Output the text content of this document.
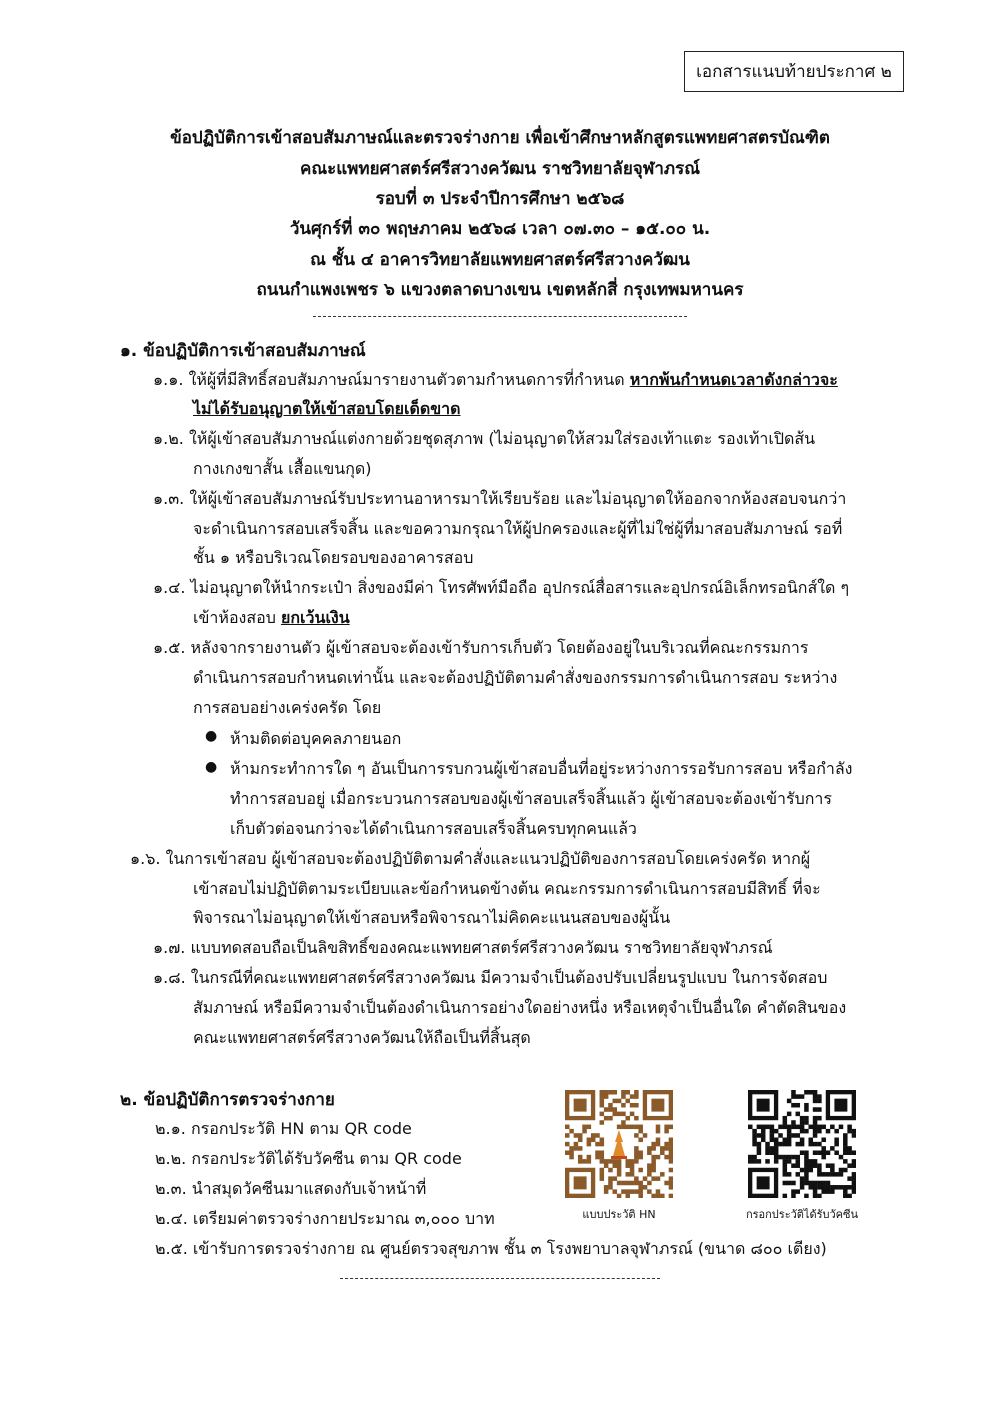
เอกสารแนบท้ายประกาศ ๒
ข้อปฏิบัติการเข้าสอบสัมภาษณ์และตรวจร่างกาย เพื่อเข้าศึกษาหลักสูตรแพทยศาสตรบัณฑิต
คณะแพทยศาสตร์ศรีสวางควัฒน ราชวิทยาลัยจุฬาภรณ์
รอบที่ ๓ ประจำปีการศึกษา ๒๕๖๘
วันศุกร์ที่ ๓๐ พฤษภาคม ๒๕๖๘ เวลา ๐๗.๓๐ – ๑๕.๐๐ น.
ณ ชั้น ๔ อาคารวิทยาลัยแพทยศาสตร์ศรีสวางควัฒน
ถนนกำแพงเพชร ๖ แขวงตลาดบางเขน เขตหลักสี่ กรุงเทพมหานคร
๑. ข้อปฏิบัติการเข้าสอบสัมภาษณ์
๑.๑. ให้ผู้ที่มีสิทธิ์สอบสัมภาษณ์มารายงานตัวตามกำหนดการที่กำหนด หากพ้นกำหนดเวลาดังกล่าวจะ
ไม่ได้รับอนุญาตให้เข้าสอบโดยเด็ดขาด
๑.๒. ให้ผู้เข้าสอบสัมภาษณ์แต่งกายด้วยชุดสุภาพ (ไม่อนุญาตให้สวมใส่รองเท้าแตะ รองเท้าเปิดส้น
กางเกงขาสั้น เสื้อแขนกุด)
๑.๓. ให้ผู้เข้าสอบสัมภาษณ์รับประทานอาหารมาให้เรียบร้อย และไม่อนุญาตให้ออกจากห้องสอบจนกว่า
จะดำเนินการสอบเสร็จสิ้น และขอความกรุณาให้ผู้ปกครองและผู้ที่ไม่ใช่ผู้ที่มาสอบสัมภาษณ์ รอที่
ชั้น ๑ หรือบริเวณโดยรอบของอาคารสอบ
๑.๔. ไม่อนุญาตให้นำกระเป๋า สิ่งของมีค่า โทรศัพท์มือถือ อุปกรณ์สื่อสารและอุปกรณ์อิเล็กทรอนิกส์ใด ๆ
เข้าห้องสอบ ยกเว้นเงิน
๑.๕. หลังจากรายงานตัว ผู้เข้าสอบจะต้องเข้ารับการเก็บตัว โดยต้องอยู่ในบริเวณที่คณะกรรมการ
ดำเนินการสอบกำหนดเท่านั้น และจะต้องปฏิบัติตามคำสั่งของกรรมการดำเนินการสอบ ระหว่าง
การสอบอย่างเคร่งครัด โดย
● ห้ามติดต่อบุคคลภายนอก
● ห้ามกระทำการใด ๆ อันเป็นการรบกวนผู้เข้าสอบอื่นที่อยู่ระหว่างการรอรับการสอบ หรือกำลัง
ทำการสอบอยู่ เมื่อกระบวนการสอบของผู้เข้าสอบเสร็จสิ้นแล้ว ผู้เข้าสอบจะต้องเข้ารับการ
เก็บตัวต่อจนกว่าจะได้ดำเนินการสอบเสร็จสิ้นครบทุกคนแล้ว
๑.๖. ในการเข้าสอบ ผู้เข้าสอบจะต้องปฏิบัติตามคำสั่งและแนวปฏิบัติของการสอบโดยเคร่งครัด หากผู้
เข้าสอบไม่ปฏิบัติตามระเบียบและข้อกำหนดข้างต้น คณะกรรมการดำเนินการสอบมีสิทธิ์ ที่จะ
พิจารณาไม่อนุญาตให้เข้าสอบหรือพิจารณาไม่คิดคะแนนสอบของผู้นั้น
๑.๗. แบบทดสอบถือเป็นลิขสิทธิ์ของคณะแพทยศาสตร์ศรีสวางควัฒน ราชวิทยาลัยจุฬาภรณ์
๑.๘. ในกรณีที่คณะแพทยศาสตร์ศรีสวางควัฒน มีความจำเป็นต้องปรับเปลี่ยนรูปแบบ ในการจัดสอบ
สัมภาษณ์ หรือมีความจำเป็นต้องดำเนินการอย่างใดอย่างหนึ่ง หรือเหตุจำเป็นอื่นใด คำตัดสินของ
คณะแพทยศาสตร์ศรีสวางควัฒนให้ถือเป็นที่สิ้นสุด
๒. ข้อปฏิบัติการตรวจร่างกาย
๒.๑. กรอกประวัติ HN ตาม QR code
๒.๒. กรอกประวัติได้รับวัคซีน ตาม QR code
๒.๓. นำสมุดวัคซีนมาแสดงกับเจ้าหน้าที่
๒.๔. เตรียมค่าตรวจร่างกายประมาณ ๓,๐๐๐ บาท
๒.๕. เข้ารับการตรวจร่างกาย ณ ศูนย์ตรวจสุขภาพ ชั้น ๓ โรงพยาบาลจุฬาภรณ์ (ขนาด ๘๐๐ เตียง)
แบบประวัติ HN	กรอกประวัติได้รับวัคซีน
